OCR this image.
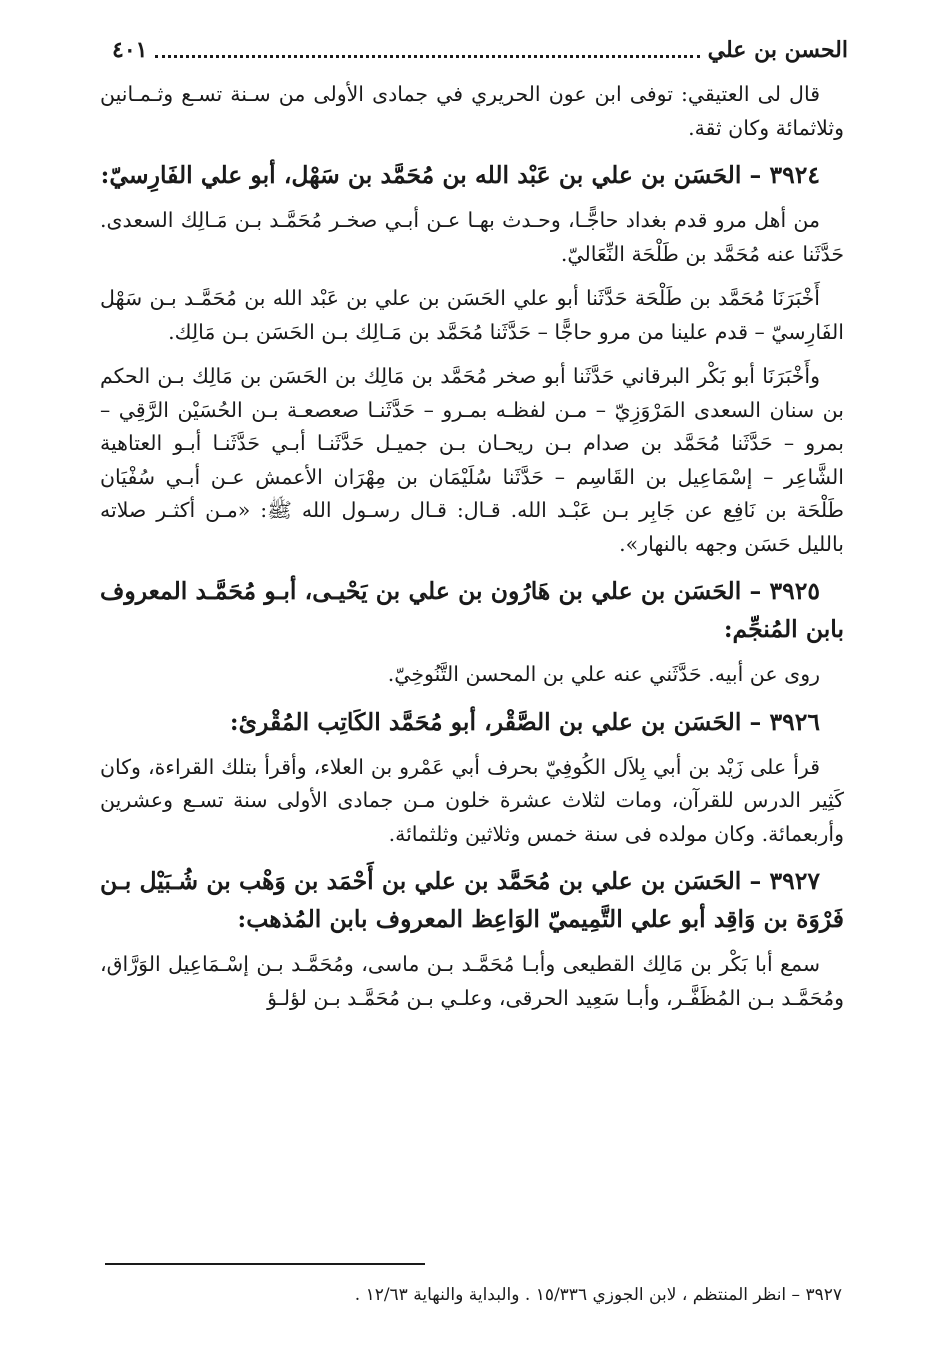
الحسن بن علي
٤٠١

قال لى العتيقي: توفى ابن عون الحريري في جمادى الأولى من سـنة تسـع وثـمـانين وثلاثمائة وكان ثقة.

٣٩٢٤ – الحَسَن بن علي بن عَبْد الله بن مُحَمَّد بن سَهْل، أبو علي الفَارِسيّ:

من أهل مرو قدم بغداد حاجًّـا، وحـدث بهـا عـن أبـي صخـر مُحَمَّـد بـن مَـالِك السعدى. حَدَّثَنا عنه مُحَمَّد بن طَلْحَة النِّعَاليّ.

أَخْبَرَنَا مُحَمَّد بن طَلْحَة حَدَّثَنا أبو علي الحَسَن بن علي بن عَبْد الله بن مُحَمَّـد بـن سَهْل الفَارِسيّ – قدم علينا من مرو حاجًّا – حَدَّثَنا مُحَمَّد بن مَـالِك بـن الحَسَن بـن مَالِك.

وأَخْبَرَنَا أبو بَكْر البرقاني حَدَّثَنا أبو صخر مُحَمَّد بن مَالِك بن الحَسَن بن مَالِك بـن الحكم بن سنان السعدى المَرْوَزِيّ – مـن لفظـه بمـرو – حَدَّثَنـا صعصعـة بـن الحُسَيْن الرَّقِي – بمرو – حَدَّثَنا مُحَمَّد بن صدام بـن ريحـان بـن جميـل حَدَّثَنـا أبـي حَدَّثَنـا أبـو العتاهية الشَّاعِر – إسْمَاعِيل بن القَاسِم – حَدَّثَنا سُلَيْمَان بن مِهْرَان الأعمش عـن أبـي سُفْيَان طَلْحَة بن نَافِع عن جَابِر بـن عَبْـد الله. قـال: قـال رسـول الله ﷺ: «مـن أكثـر صلاته بالليل حَسَن وجهه بالنهار».

٣٩٢٥ – الحَسَن بن علي بن هَارُون بن علي بن يَحْيـى، أبـو مُحَمَّـد المعروف بابن المُنجِّم:

روى عن أبيه. حَدَّثَني عنه علي بن المحسن التَّنُوخِيّ.

٣٩٢٦ – الحَسَن بن علي بن الصَّقْر، أبو مُحَمَّد الكَاتِب المُقْرئ:

قرأ على زَيْد بن أبي بِلاَل الكُوفِيّ بحرف أبي عَمْرو بن العلاء، وأقرأ بتلك القراءة، وكان كَثِير الدرس للقرآن، ومات لثلاث عشرة خلون مـن جمادى الأولى سنة تسـع وعشرين وأربعمائة. وكان مولده فى سنة خمس وثلاثين وثلثمائة.

٣٩٢٧ – الحَسَن بن علي بن مُحَمَّد بن علي بن أَحْمَد بن وَهْب بن شُـبَيْل بـن فَرْوَة بن وَاقِد أبو علي التَّمِيميّ الوَاعِظ المعروف بابن المُذهب:

سمع أبا بَكْر بن مَالِك القطيعى وأبـا مُحَمَّـد بـن ماسى، ومُحَمَّـد بـن إسْـمَاعِيل الوَرَّاق، ومُحَمَّـد بـن المُظَفَّـر، وأبـا سَعِيد الحرقى، وعلـي بـن مُحَمَّـد بـن لؤلـؤ

٣٩٢٧ – انظر المنتظم ، لابن الجوزي ١٥/٣٣٦ . والبداية والنهاية ١٢/٦٣ .
